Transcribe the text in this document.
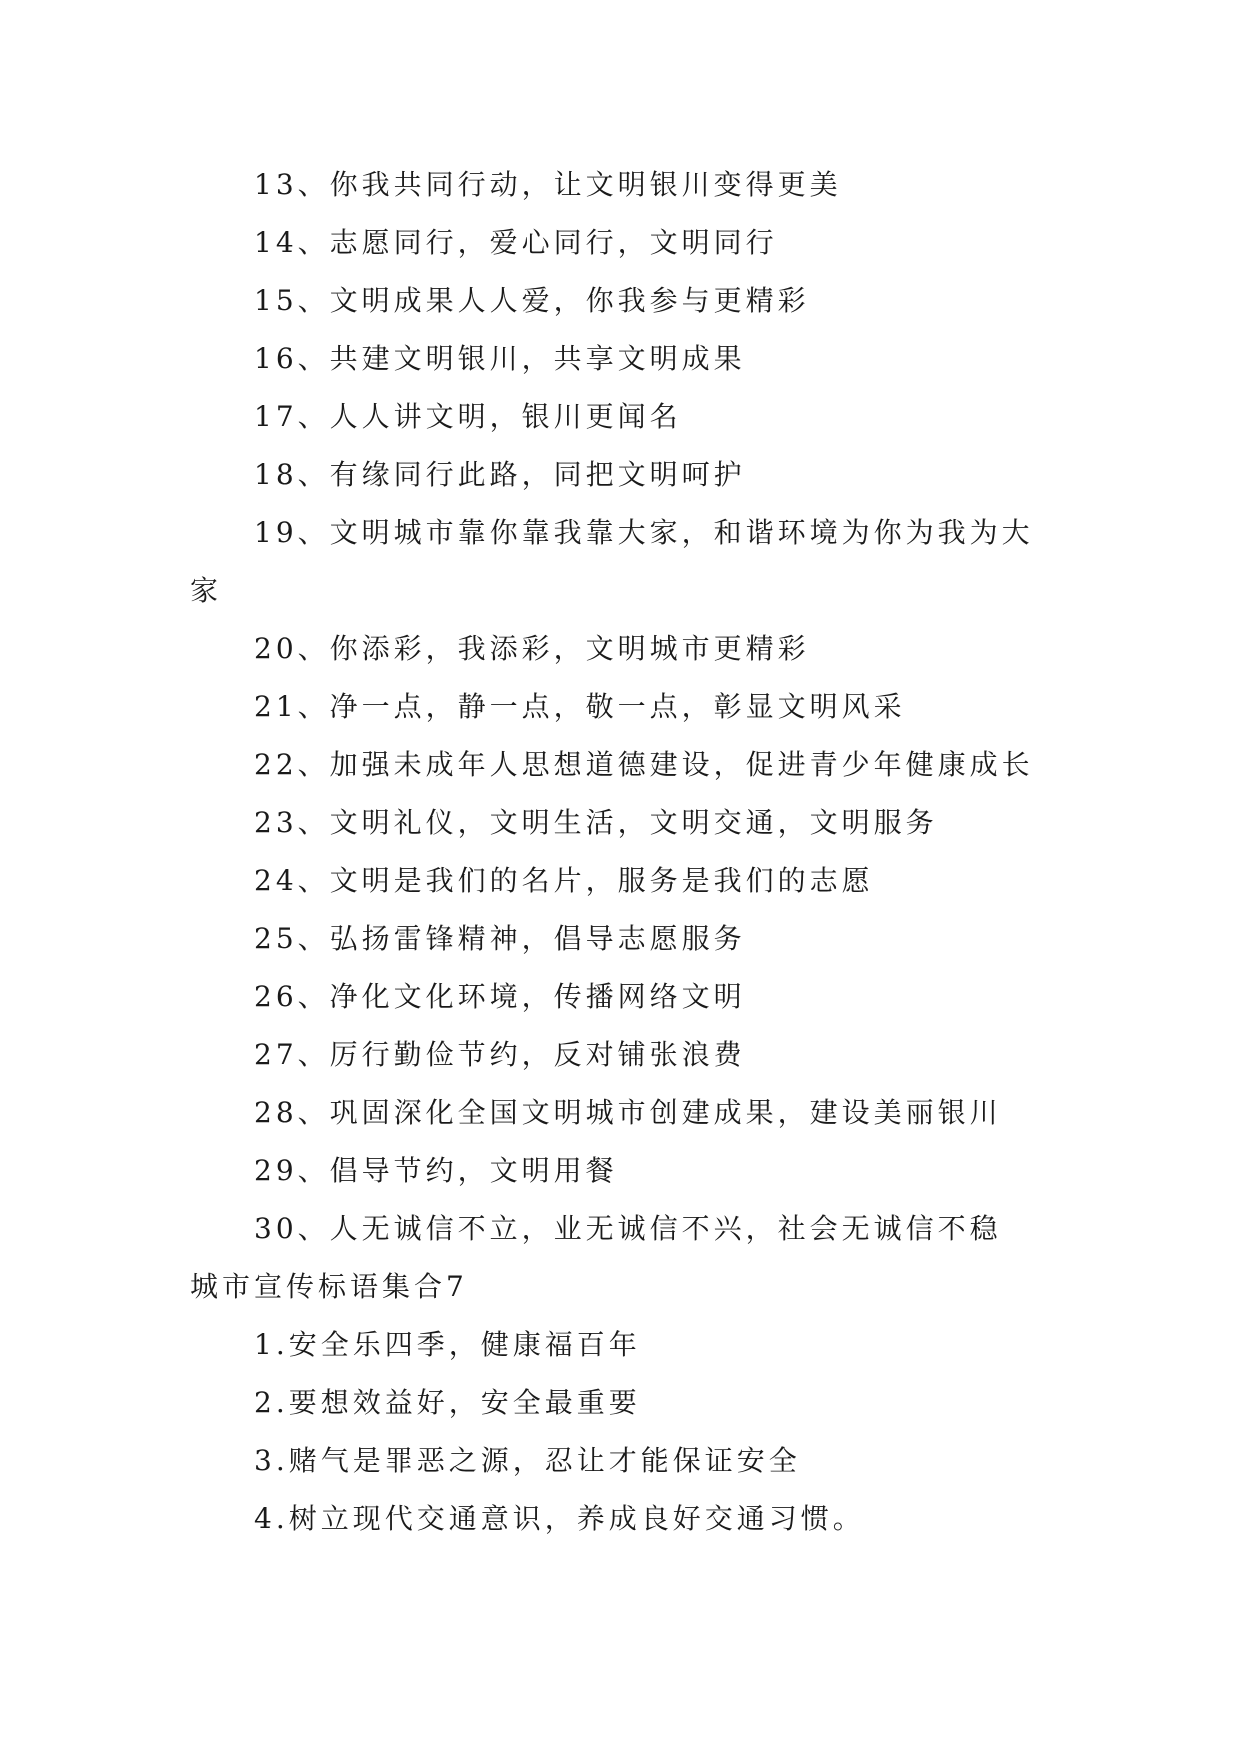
13、你我共同行动，让文明银川变得更美
14、志愿同行，爱心同行，文明同行
15、文明成果人人爱，你我参与更精彩
16、共建文明银川，共享文明成果
17、人人讲文明，银川更闻名
18、有缘同行此路，同把文明呵护
19、文明城市靠你靠我靠大家，和谐环境为你为我为大
家
20、你添彩，我添彩，文明城市更精彩
21、净一点，静一点，敬一点，彰显文明风采
22、加强未成年人思想道德建设，促进青少年健康成长
23、文明礼仪，文明生活，文明交通，文明服务
24、文明是我们的名片，服务是我们的志愿
25、弘扬雷锋精神，倡导志愿服务
26、净化文化环境，传播网络文明
27、厉行勤俭节约，反对铺张浪费
28、巩固深化全国文明城市创建成果，建设美丽银川
29、倡导节约，文明用餐
30、人无诚信不立，业无诚信不兴，社会无诚信不稳
城市宣传标语集合7
1.安全乐四季，健康福百年
2.要想效益好，安全最重要
3.赌气是罪恶之源，忍让才能保证安全
4.树立现代交通意识，养成良好交通习惯。
